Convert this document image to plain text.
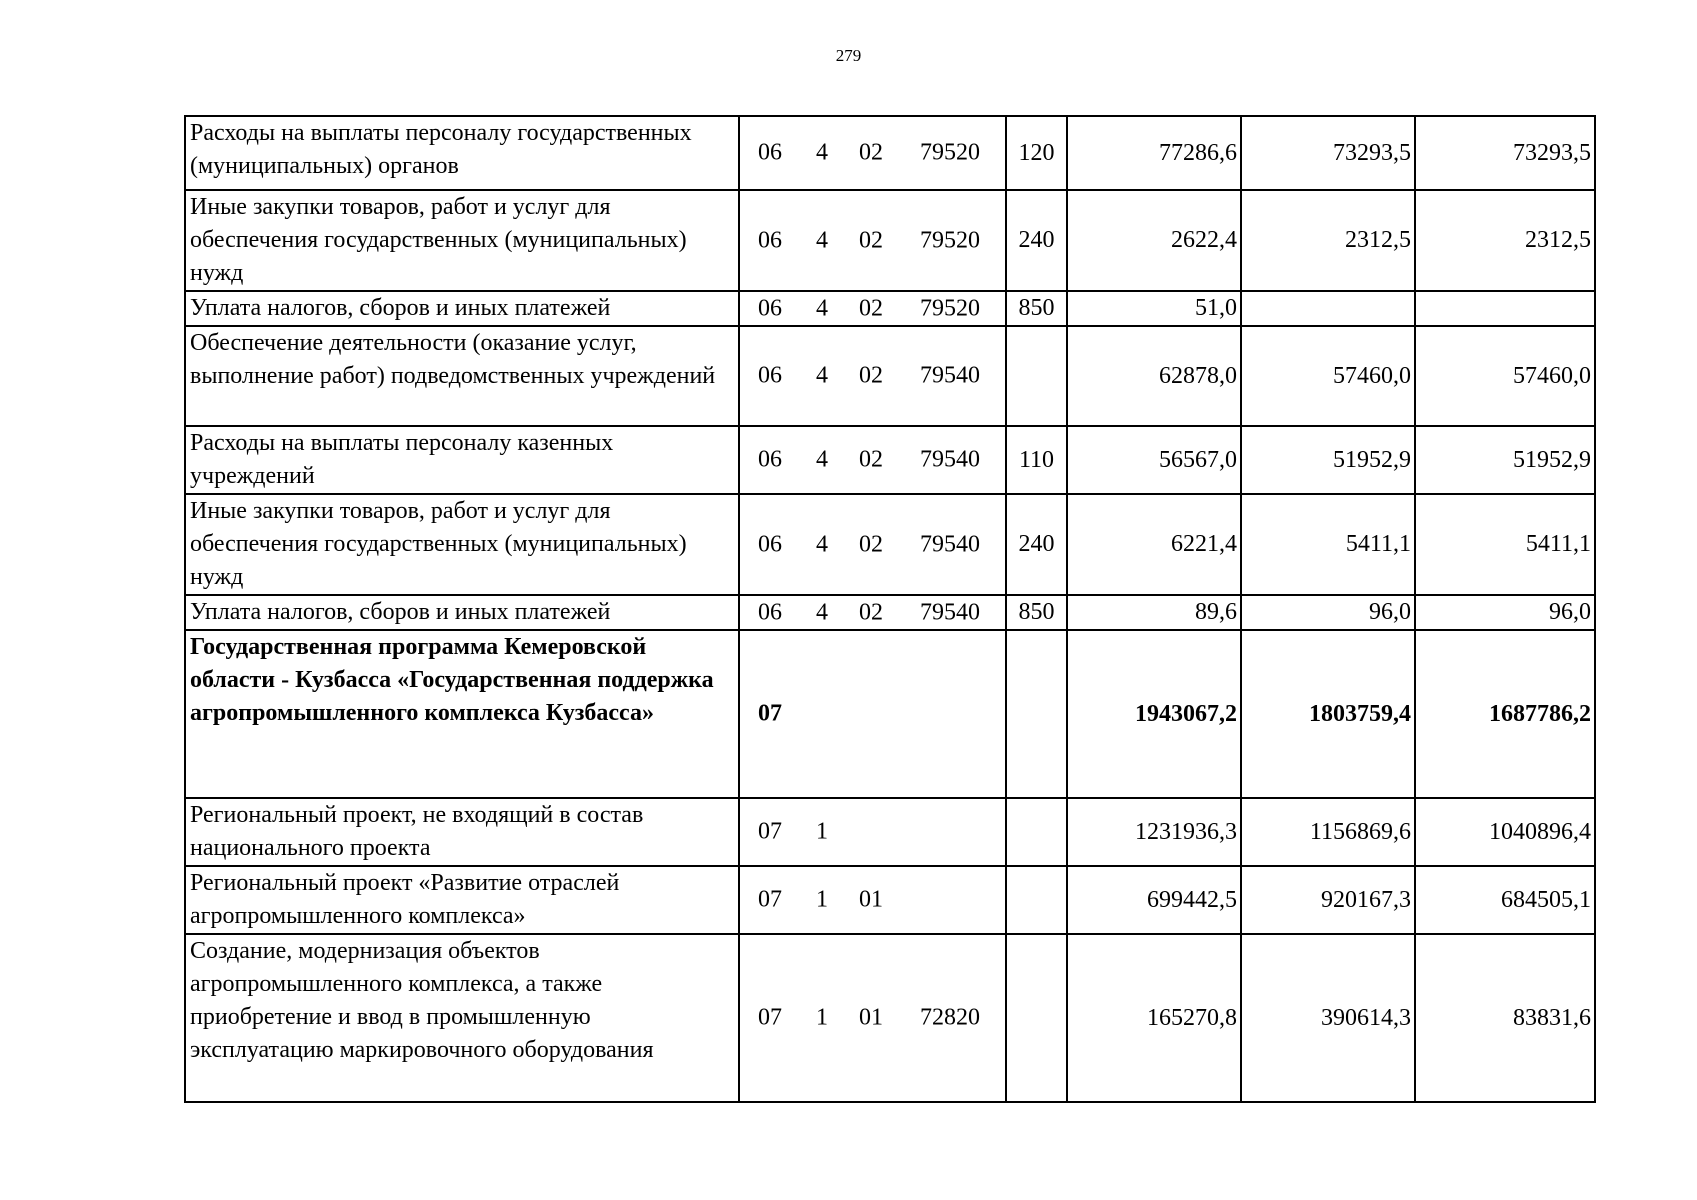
279
Расходы на выплаты персоналу государственных (муниципальных) органов	06 4 02 79520	120	77286,6	73293,5	73293,5
Иные закупки товаров, работ и услуг для обеспечения государственных (муниципальных) нужд	06 4 02 79520	240	2622,4	2312,5	2312,5
Уплата налогов, сборов и иных платежей	06 4 02 79520	850	51,0		
Обеспечение деятельности (оказание услуг, выполнение работ) подведомственных учреждений	06 4 02 79540		62878,0	57460,0	57460,0
Расходы на выплаты персоналу казенных учреждений	06 4 02 79540	110	56567,0	51952,9	51952,9
Иные закупки товаров, работ и услуг для обеспечения государственных (муниципальных) нужд	06 4 02 79540	240	6221,4	5411,1	5411,1
Уплата налогов, сборов и иных платежей	06 4 02 79540	850	89,6	96,0	96,0
Государственная программа Кемеровской области - Кузбасса «Государственная поддержка агропромышленного комплекса Кузбасса»	07		1943067,2	1803759,4	1687786,2
Региональный проект, не входящий в состав национального проекта	07 1		1231936,3	1156869,6	1040896,4
Региональный проект «Развитие отраслей агропромышленного комплекса»	07 1 01		699442,5	920167,3	684505,1
Создание, модернизация объектов агропромышленного комплекса, а также приобретение и ввод в промышленную эксплуатацию маркировочного оборудования	07 1 01 72820		165270,8	390614,3	83831,6
